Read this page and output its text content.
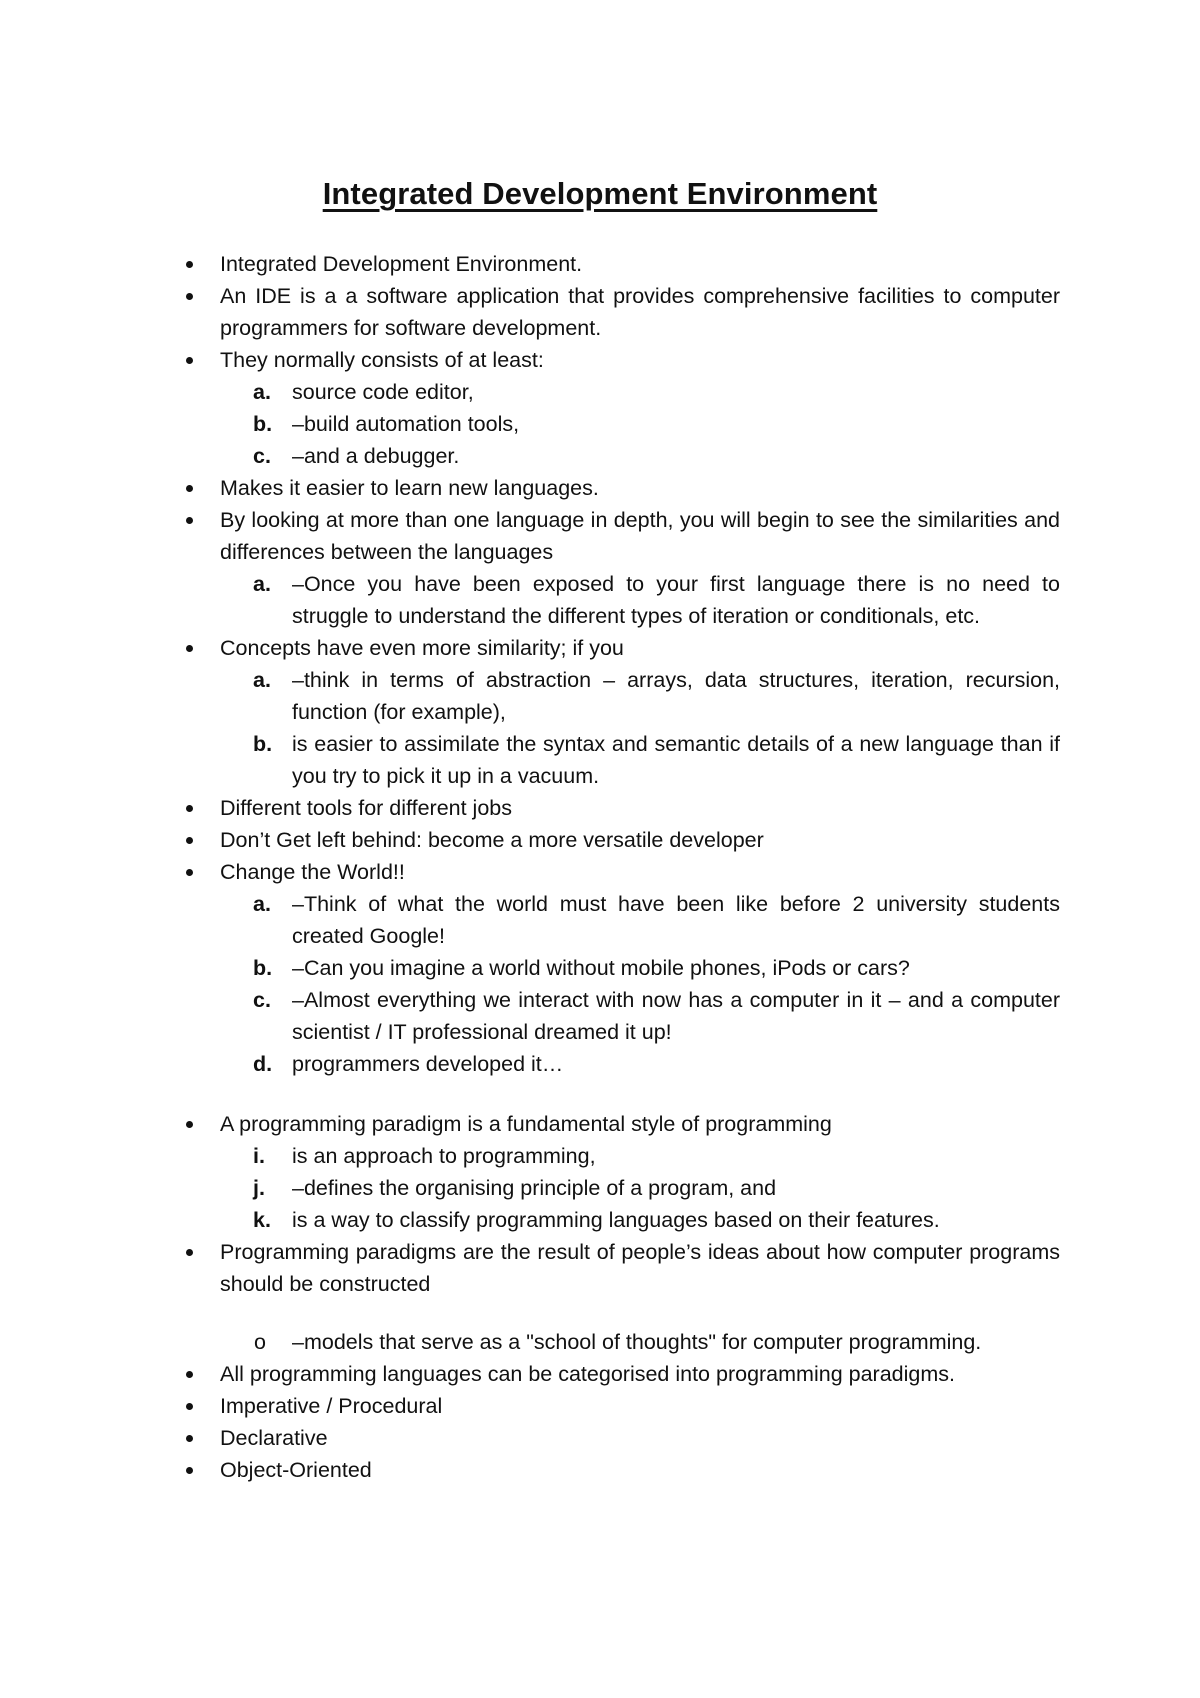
Integrated Development Environment
Integrated Development Environment.
An IDE is a a software application that provides comprehensive facilities to computer programmers for software development.
They normally consists of at least:
a. source code editor,
b. –build automation tools,
c. –and a debugger.
Makes it easier to learn new languages.
By looking at more than one language in depth, you will begin to see the similarities and differences between the languages
a. –Once you have been exposed to your first language there is no need to struggle to understand the different types of iteration or conditionals, etc.
Concepts have even more similarity; if you
a. –think in terms of abstraction – arrays, data structures, iteration, recursion, function (for example),
b. is easier to assimilate the syntax and semantic details of a new language than if you try to pick it up in a vacuum.
Different tools for different jobs
Don’t Get left behind: become a more versatile developer
Change the World!!
a. –Think of what the world must have been like before 2 university students created Google!
b. –Can you imagine a world without mobile phones, iPods or cars?
c. –Almost everything we interact with now has a computer in it – and a computer scientist / IT professional dreamed it up!
d. programmers developed it…
A programming paradigm is a fundamental style of programming
i. is an approach to programming,
j. –defines the organising principle of a program, and
k. is a way to classify programming languages based on their features.
Programming paradigms are the result of people’s ideas about how computer programs should be constructed
o –models that serve as a "school of thoughts" for computer programming.
All programming languages can be categorised into programming paradigms.
Imperative / Procedural
Declarative
Object-Oriented
